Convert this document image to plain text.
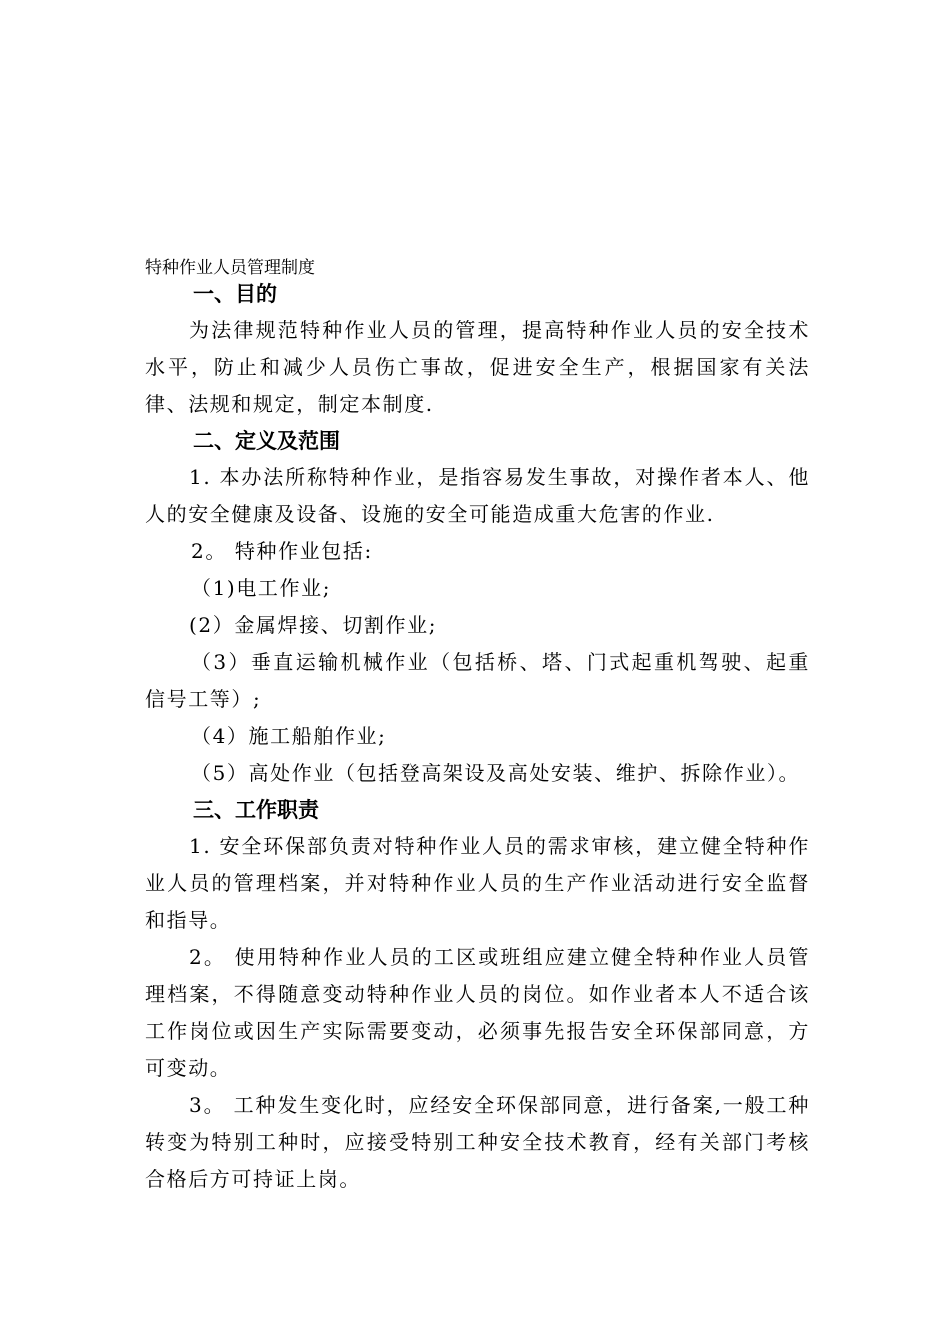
特种作业人员管理制度
一、目的

为法律规范特种作业人员的管理，提高特种作业人员的安全技术水平，防止和减少人员伤亡事故，促进安全生产，根据国家有关法律、法规和规定，制定本制度.

二、定义及范围

1. 本办法所称特种作业，是指容易发生事故，对操作者本人、他人的安全健康及设备、设施的安全可能造成重大危害的作业.

2。 特种作业包括:

（1)电工作业;

(2）金属焊接、切割作业;

（3）垂直运输机械作业（包括桥、塔、门式起重机驾驶、起重信号工等）;

（4）施工船舶作业;

（5）高处作业（包括登高架设及高处安装、维护、拆除作业）。

三、工作职责

1. 安全环保部负责对特种作业人员的需求审核，建立健全特种作业人员的管理档案，并对特种作业人员的生产作业活动进行安全监督和指导。

2。 使用特种作业人员的工区或班组应建立健全特种作业人员管理档案，不得随意变动特种作业人员的岗位。如作业者本人不适合该工作岗位或因生产实际需要变动，必须事先报告安全环保部同意，方可变动。

3。 工种发生变化时，应经安全环保部同意，进行备案,一般工种转变为特别工种时，应接受特别工种安全技术教育，经有关部门考核合格后方可持证上岗。
